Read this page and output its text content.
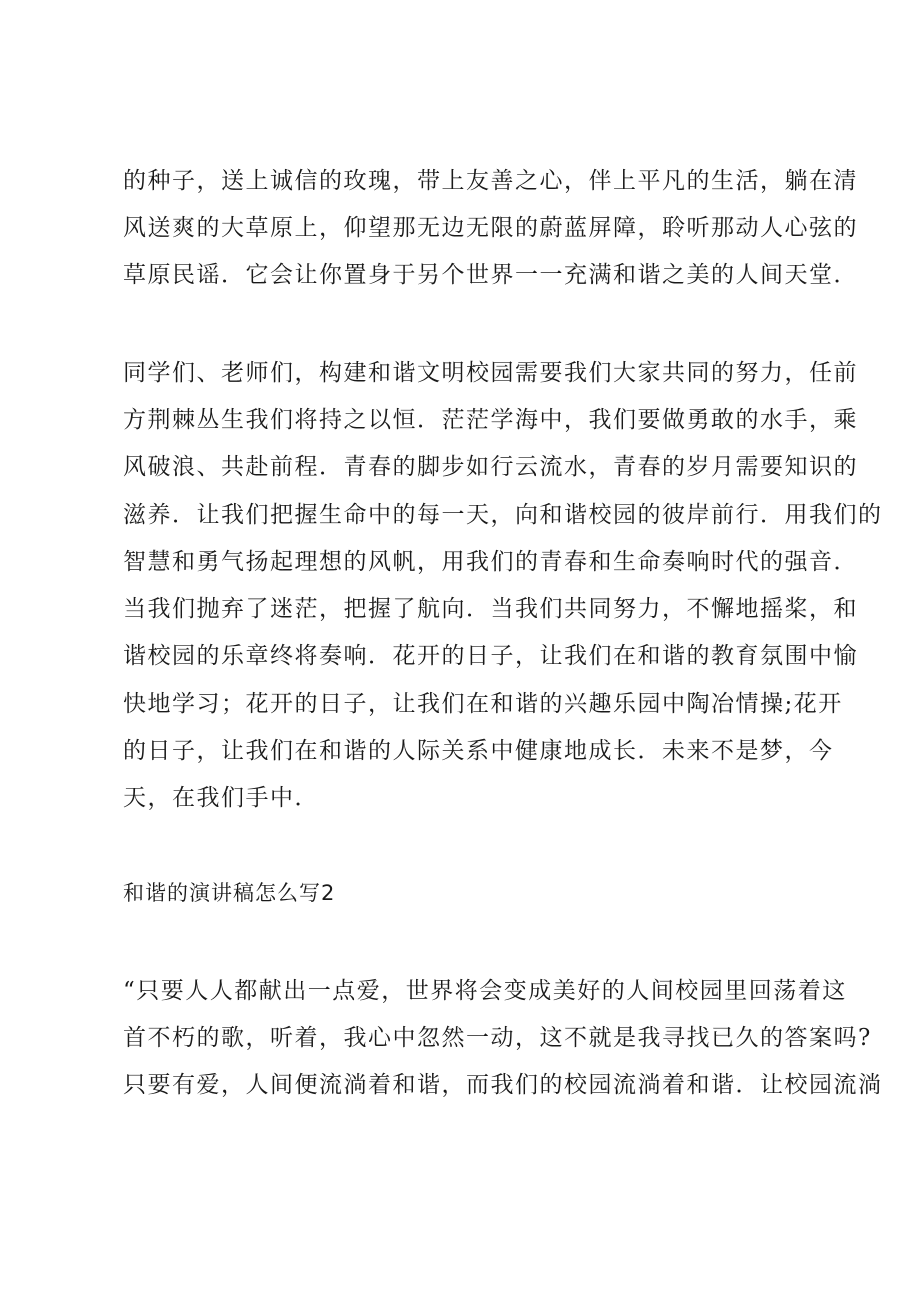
的种子，送上诚信的玫瑰，带上友善之心，伴上平凡的生活，躺在清
风送爽的大草原上，仰望那无边无限的蔚蓝屏障，聆听那动人心弦的
草原民谣．它会让你置身于另个世界一一充满和谐之美的人间天堂．
同学们、老师们，构建和谐文明校园需要我们大家共同的努力，任前
方荆棘丛生我们将持之以恒．茫茫学海中，我们要做勇敢的水手，乘
风破浪、共赴前程．青春的脚步如行云流水，青春的岁月需要知识的
滋养．让我们把握生命中的每一天，向和谐校园的彼岸前行．用我们的
智慧和勇气扬起理想的风帆，用我们的青春和生命奏响时代的强音．
当我们抛弃了迷茫，把握了航向．当我们共同努力，不懈地摇桨，和
谐校园的乐章终将奏响．花开的日子，让我们在和谐的教育氛围中愉
快地学习；花开的日子，让我们在和谐的兴趣乐园中陶冶情操;花开
的日子，让我们在和谐的人际关系中健康地成长．未来不是梦，今
天，在我们手中．
和谐的演讲稿怎么写2
“只要人人都献出一点爱，世界将会变成美好的人间校园里回荡着这
首不朽的歌，听着，我心中忽然一动，这不就是我寻找已久的答案吗?
只要有爱，人间便流淌着和谐，而我们的校园流淌着和谐．让校园流淌
